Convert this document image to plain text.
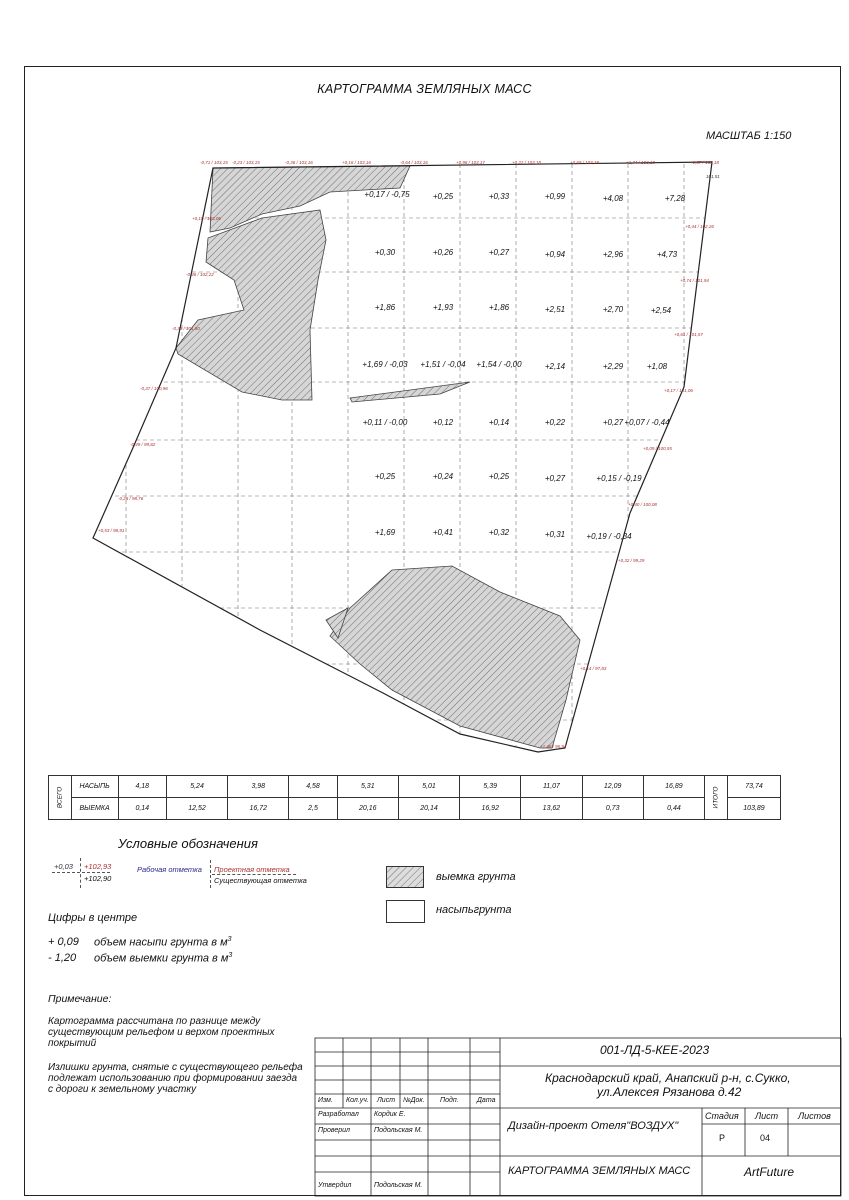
КАРТОГРАММА ЗЕМЛЯНЫХ МАСС
МАСШТАБ 1:150
-0,71 / 103,15 -0,23 / 103,15	-0,36 / 103,16	+0,16 / 103,16	-0,64 / 103,16	+0,96 / 103,17	+0,22 / 103,18	+0,69 / 103,18	+1,74 / 103,18	+1,67 / 103,18
101,51
+0,44 / 102,26
+0,74 / 101,94
+0,61 / 101,57
+0,17 / 101,06
+0,09 / 100,55
+0,40 / 100,08
+0,32 / 99,29
+0,14 / 97,83
+1,48 / 95,94
+0,53 / 98,91
-0,28 / 98,76
-0,49 / 99,82
-0,37 / 100,96
-0,38 / 101,80
-0,46 / 102,22
+0,10 / 103,06
+0,17 / -0,75	+0,25	+0,33	+0,99	+4,08	+7,28
+0,30	+0,26	+0,27	+0,94	+2,96	+4,73
+1,86	+1,93	+1,86	+2,51	+2,70	+2,54
+1,69 / -0,03	+1,51 / -0,04	+1,54 / -0,00	+2,14	+2,29	+1,08
+0,11 / -0,00	+0,12	+0,14	+0,22	+0,27 +0,07 / -0,44
+0,25	+0,24	+0,25	+0,27	+0,15 / -0,19
+1,69	+0,41	+0,32	+0,31	+0,19 / -0,34
ВСЕГО	НАСЫПЬ	4,18	5,24	3,98	4,58	5,31	5,01	5,39	11,07	12,09	16,89	ИТОГО	73,74
	ВЫЕМКА	0,14	12,52	16,72	2,5	20,16	20,14	16,92	13,62	0,73	0,44		103,89
Условные обозначения
+0,03 +102,93
+102,90
Рабочая отметка Проектная отметка
Существующая отметка	выемка грунта
насыпьгрунта
Цифры в центре
+ 0,09 объем насыпи грунта в $м^3$
- 1,20 объем выемки грунта в $м^3$
Примечание:
Картограмма рассчитана по разнице между существующим рельефом и верхом проектных покрытий
Излишки грунта, снятые с существующего рельефа подлежат использованию при формировании заезда с дороги к земельному участку
001-ЛД-5-КЕЕ-2023
Краснодарский край, Анапский р-н, с.Сукко,
ул.Алексея Рязанова д.42
Изм. Кол.уч. Лист №Док. Подп.	Дата
Разработал Кордик Е.
Проверил	Подольская М.
Утвердил	Подольская М.
Дизайн-проект Отеля"ВОЗДУХ"
КАРТОГРАММА ЗЕМЛЯНЫХ МАСС	ArtFuture
Стадия Лист Листов
Р	04
